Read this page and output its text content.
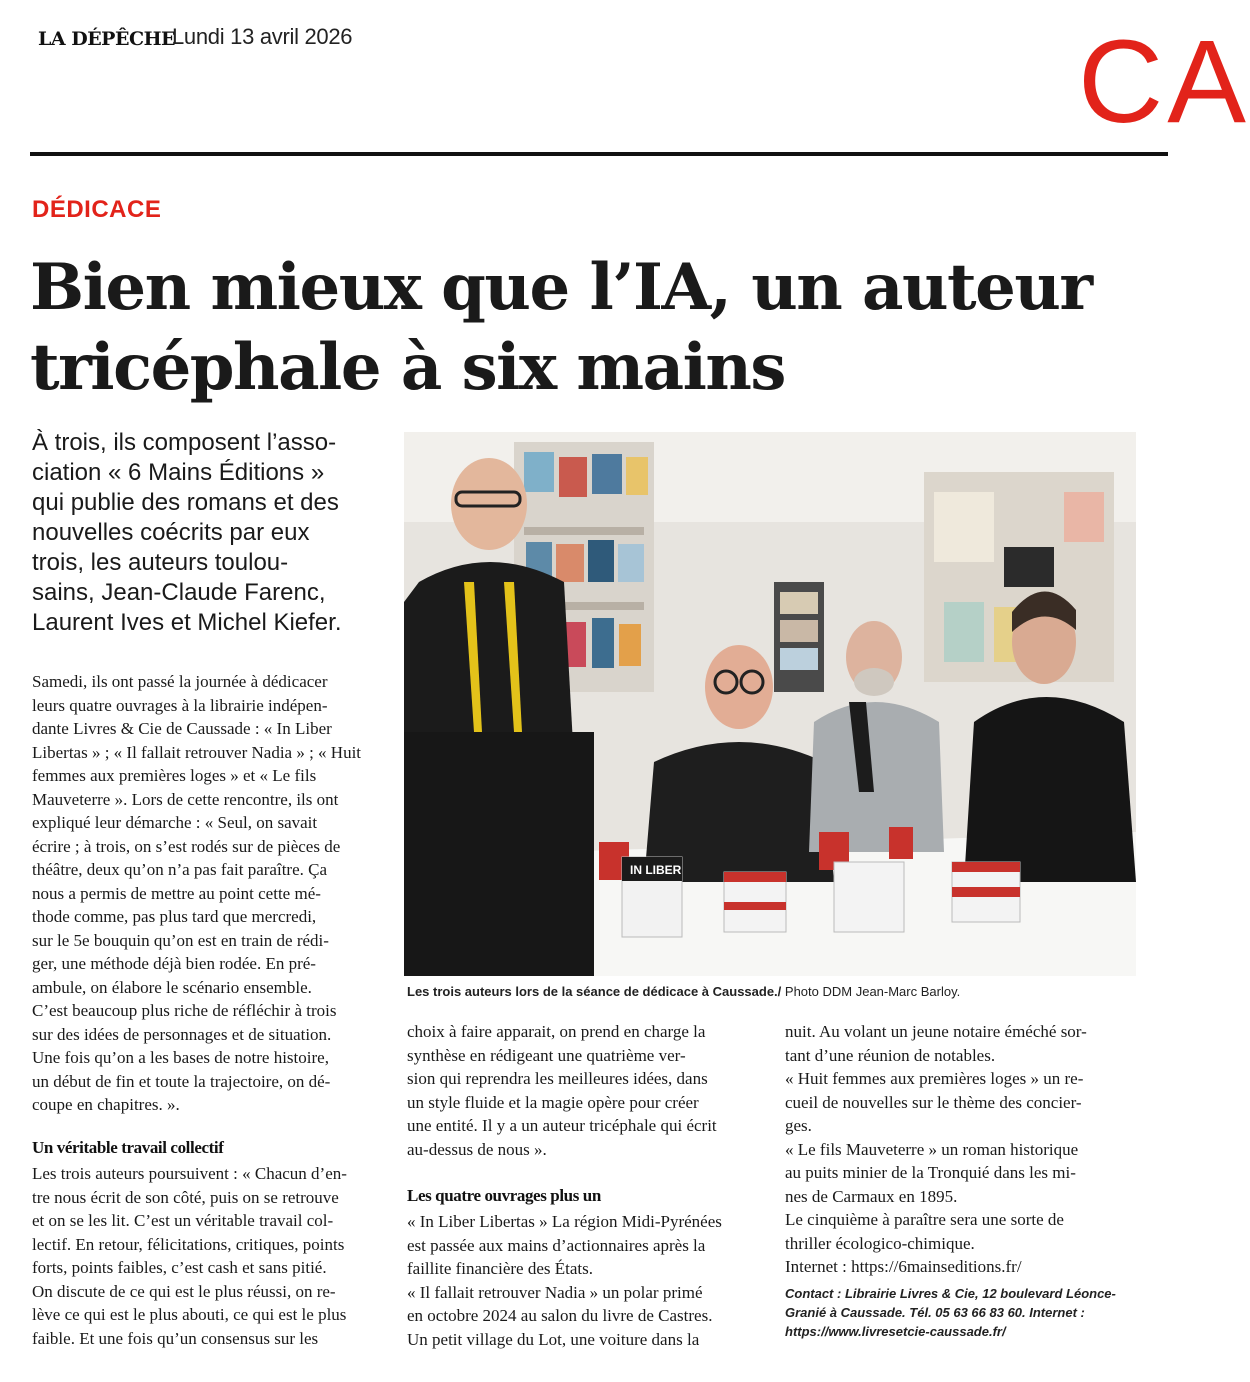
LA DÉPÊCHE
Lundi 13 avril 2026	CA
DÉDICACE
Bien mieux que l’IA, un auteur tricéphale à six mains
À trois, ils composent l’asso-
ciation « 6 Mains Éditions »
qui publie des romans et des
nouvelles coécrits par eux
trois, les auteurs toulou-
sains, Jean-Claude Farenc,
Laurent Ives et Michel Kiefer.
Samedi, ils ont passé la journée à dédicacer
leurs quatre ouvrages à la librairie indépen-
dante Livres & Cie de Caussade : « In Liber
Libertas » ; « Il fallait retrouver Nadia » ; « Huit
femmes aux premières loges » et « Le fils
Mauveterre ». Lors de cette rencontre, ils ont
expliqué leur démarche : « Seul, on savait
écrire ; à trois, on s’est rodés sur de pièces de
théâtre, deux qu’on n’a pas fait paraître. Ça
nous a permis de mettre au point cette mé-
thode comme, pas plus tard que mercredi,
sur le 5e bouquin qu’on est en train de rédi-
ger, une méthode déjà bien rodée. En pré-
ambule, on élabore le scénario ensemble.
C’est beaucoup plus riche de réfléchir à trois
sur des idées de personnages et de situation.
Une fois qu’on a les bases de notre histoire,
un début de fin et toute la trajectoire, on dé-
coupe en chapitres. ».
Un véritable travail collectif
Les trois auteurs poursuivent : « Chacun d’en-
tre nous écrit de son côté, puis on se retrouve
et on se les lit. C’est un véritable travail col-
lectif. En retour, félicitations, critiques, points
forts, points faibles, c’est cash et sans pitié.
On discute de ce qui est le plus réussi, on re-
lève ce qui est le plus abouti, ce qui est le plus
faible. Et une fois qu’un consensus sur les
IN LIBER
Les trois auteurs lors de la séance de dédicace à Caussade./ Photo DDM Jean-Marc Barloy.
choix à faire apparait, on prend en charge la
synthèse en rédigeant une quatrième ver-
sion qui reprendra les meilleures idées, dans
un style fluide et la magie opère pour créer
une entité. Il y a un auteur tricéphale qui écrit
au-dessus de nous ».
Les quatre ouvrages plus un
« In Liber Libertas » La région Midi-Pyrénées
est passée aux mains d’actionnaires après la
faillite financière des États.
« Il fallait retrouver Nadia » un polar primé
en octobre 2024 au salon du livre de Castres.
Un petit village du Lot, une voiture dans la
nuit. Au volant un jeune notaire éméché sor-
tant d’une réunion de notables.
« Huit femmes aux premières loges » un re-
cueil de nouvelles sur le thème des concier-
ges.
« Le fils Mauveterre » un roman historique
au puits minier de la Tronquié dans les mi-
nes de Carmaux en 1895.
Le cinquième à paraître sera une sorte de
thriller écologico-chimique.
Internet : https://6mainseditions.fr/
Contact : Librairie Livres & Cie, 12 boulevard Léonce-
Granié à Caussade. Tél. 05 63 66 83 60. Internet :
https://www.livresetcie-caussade.fr/
